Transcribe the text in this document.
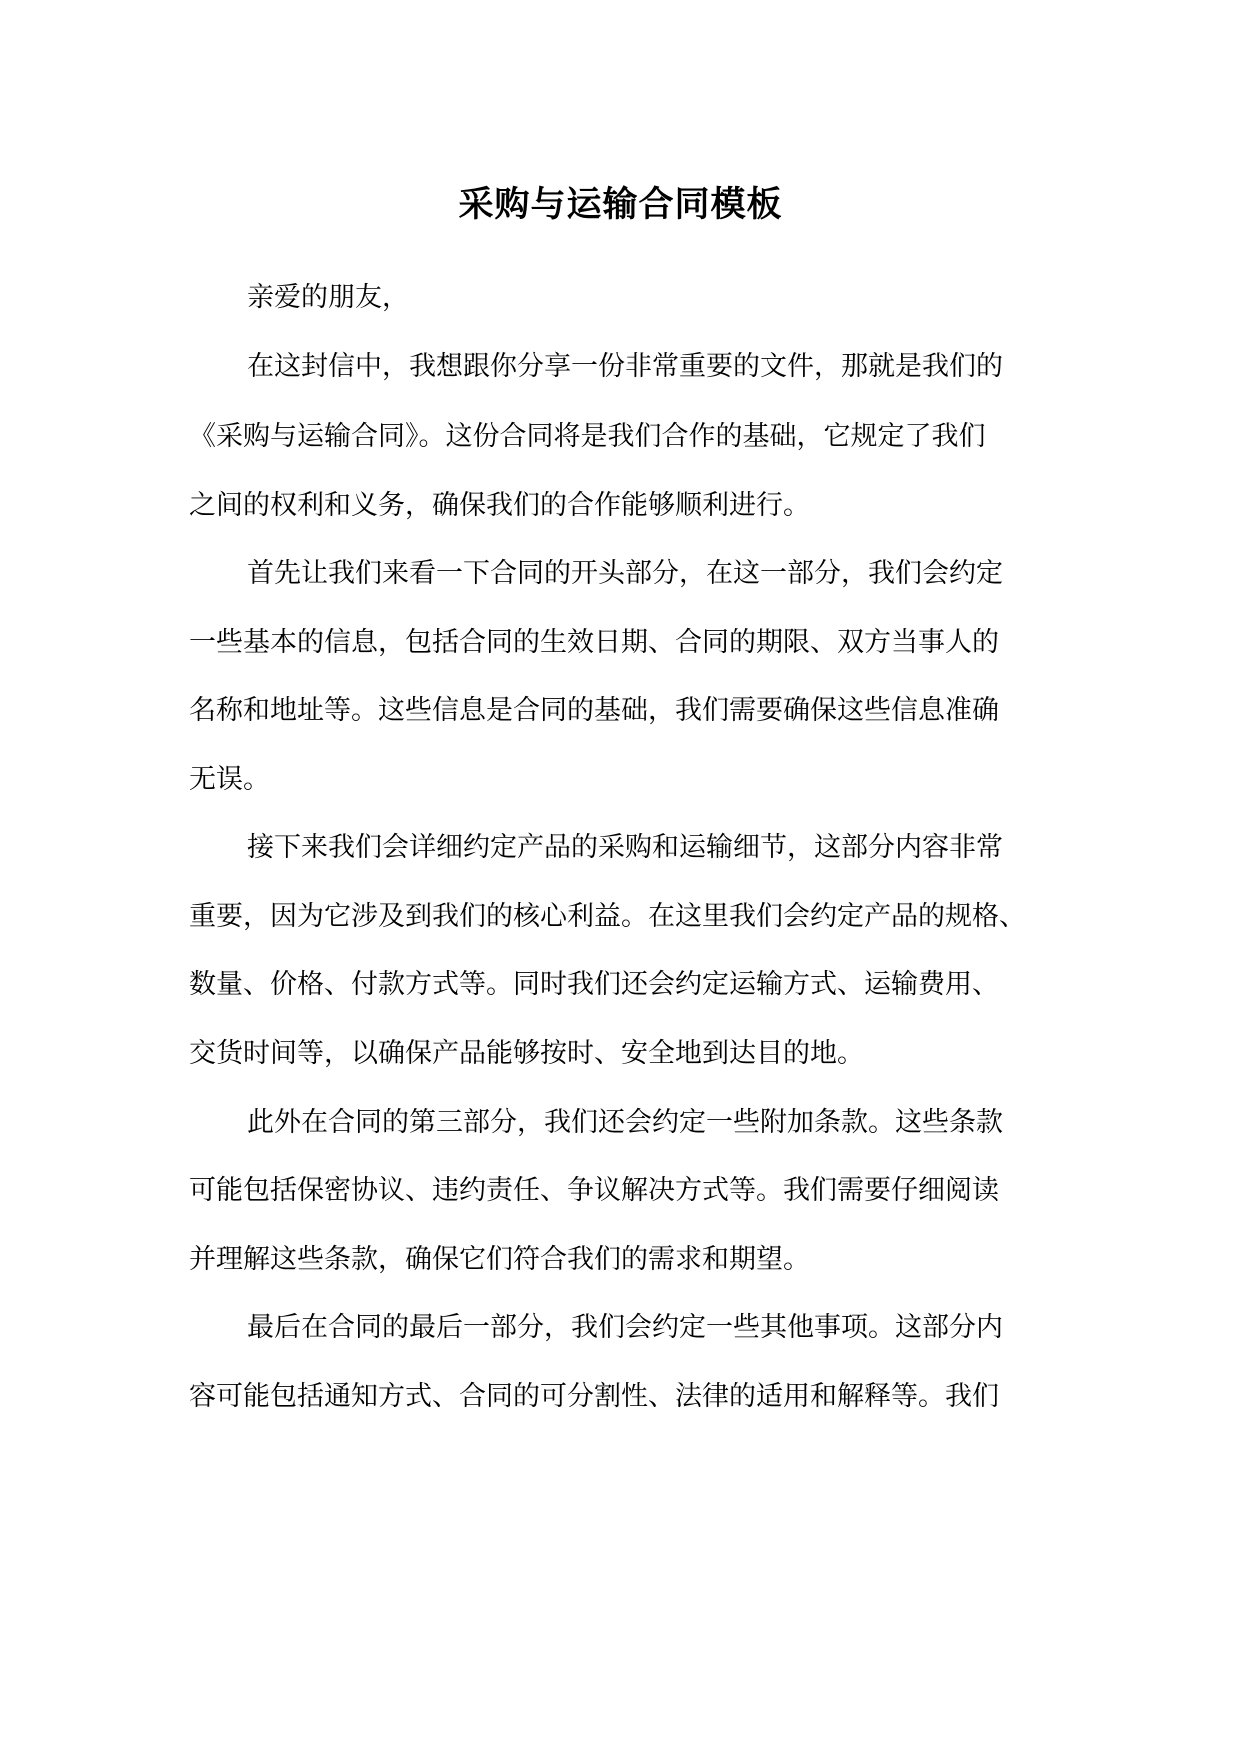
采购与运输合同模板
亲爱的朋友，
在这封信中，我想跟你分享一份非常重要的文件，那就是我们的
《采购与运输合同》。这份合同将是我们合作的基础，它规定了我们
之间的权利和义务，确保我们的合作能够顺利进行。
首先让我们来看一下合同的开头部分，在这一部分，我们会约定
一些基本的信息，包括合同的生效日期、合同的期限、双方当事人的
名称和地址等。这些信息是合同的基础，我们需要确保这些信息准确
无误。
接下来我们会详细约定产品的采购和运输细节，这部分内容非常
重要，因为它涉及到我们的核心利益。在这里我们会约定产品的规格、
数量、价格、付款方式等。同时我们还会约定运输方式、运输费用、
交货时间等，以确保产品能够按时、安全地到达目的地。
此外在合同的第三部分，我们还会约定一些附加条款。这些条款
可能包括保密协议、违约责任、争议解决方式等。我们需要仔细阅读
并理解这些条款，确保它们符合我们的需求和期望。
最后在合同的最后一部分，我们会约定一些其他事项。这部分内
容可能包括通知方式、合同的可分割性、法律的适用和解释等。我们
